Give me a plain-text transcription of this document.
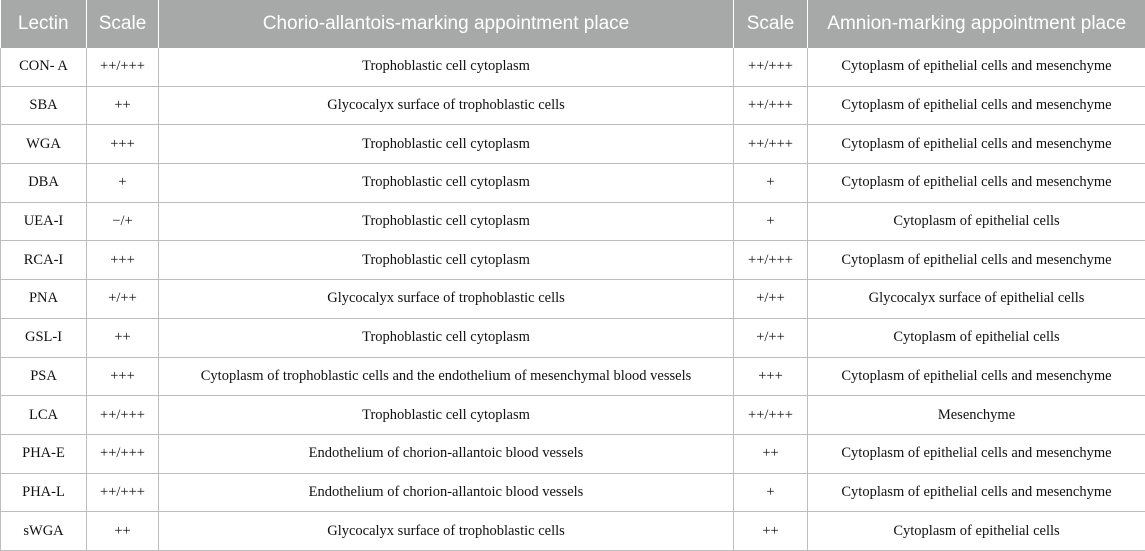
Lectin	Scale	Chorio-allantois-marking appointment place	Scale	Amnion-marking appointment place
CON- A	++/+++	Trophoblastic cell cytoplasm	++/+++	Cytoplasm of epithelial cells and mesenchyme
SBA	++	Glycocalyx surface of trophoblastic cells	++/+++	Cytoplasm of epithelial cells and mesenchyme
WGA	+++	Trophoblastic cell cytoplasm	++/+++	Cytoplasm of epithelial cells and mesenchyme
DBA	+	Trophoblastic cell cytoplasm	+	Cytoplasm of epithelial cells and mesenchyme
UEA-I	−/+	Trophoblastic cell cytoplasm	+	Cytoplasm of epithelial cells
RCA-I	+++	Trophoblastic cell cytoplasm	++/+++	Cytoplasm of epithelial cells and mesenchyme
PNA	+/++	Glycocalyx surface of trophoblastic cells	+/++	Glycocalyx surface of epithelial cells
GSL-I	++	Trophoblastic cell cytoplasm	+/++	Cytoplasm of epithelial cells
PSA	+++	Cytoplasm of trophoblastic cells and the endothelium of mesenchymal blood vessels	+++	Cytoplasm of epithelial cells and mesenchyme
LCA	++/+++	Trophoblastic cell cytoplasm	++/+++	Mesenchyme
PHA-E	++/+++	Endothelium of chorion-allantoic blood vessels	++	Cytoplasm of epithelial cells and mesenchyme
PHA-L	++/+++	Endothelium of chorion-allantoic blood vessels	+	Cytoplasm of epithelial cells and mesenchyme
sWGA	++	Glycocalyx surface of trophoblastic cells	++	Cytoplasm of epithelial cells
